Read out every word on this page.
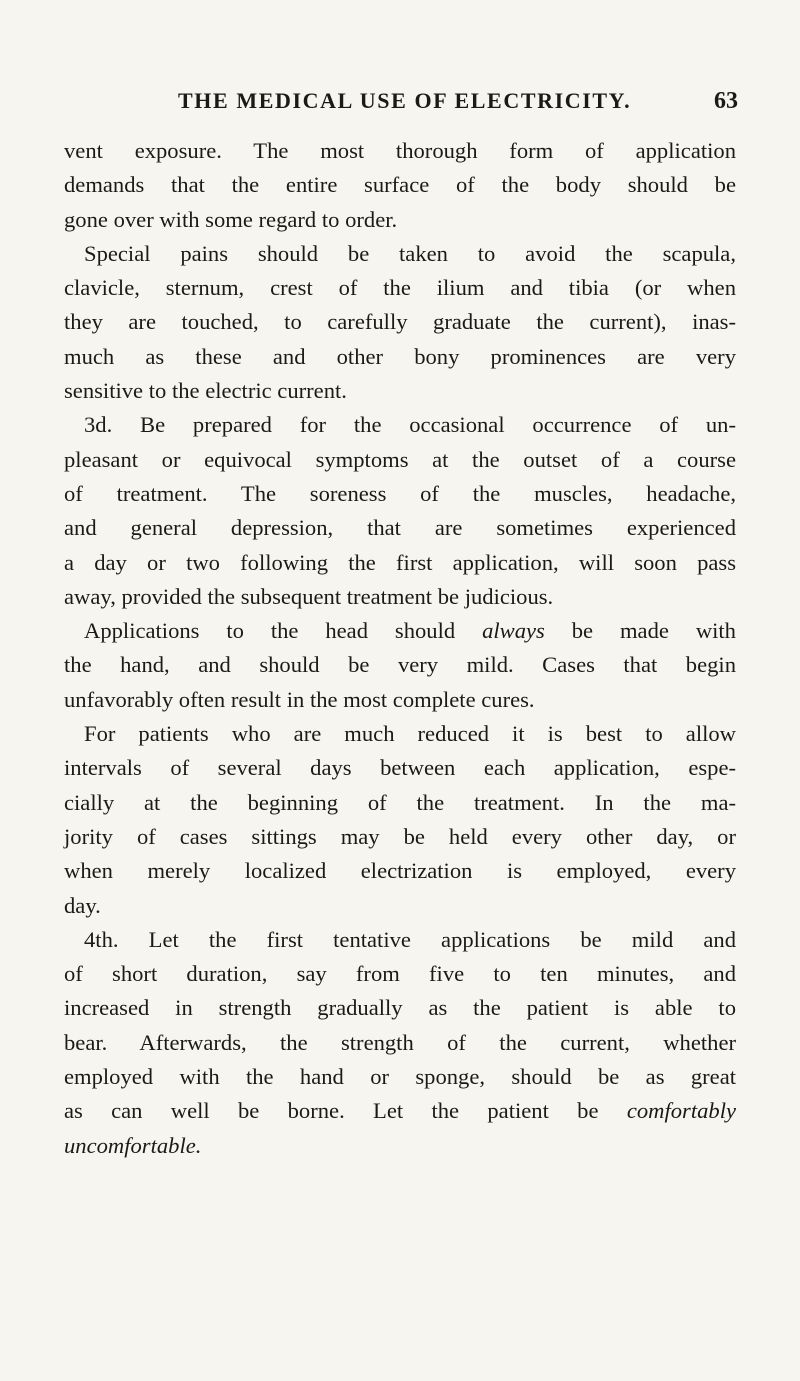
THE MEDICAL USE OF ELECTRICITY.	63
vent exposure. The most thorough form of application
demands that the entire surface of the body should be
gone over with some regard to order.
Special pains should be taken to avoid the scapula,
clavicle, sternum, crest of the ilium and tibia (or when
they are touched, to carefully graduate the current), inas-
much as these and other bony prominences are very
sensitive to the electric current.
3d. Be prepared for the occasional occurrence of un-
pleasant or equivocal symptoms at the outset of a course
of treatment. The soreness of the muscles, headache,
and general depression, that are sometimes experienced
a day or two following the first application, will soon pass
away, provided the subsequent treatment be judicious.
Applications to the head should always be made with
the hand, and should be very mild. Cases that begin
unfavorably often result in the most complete cures.
For patients who are much reduced it is best to allow
intervals of several days between each application, espe-
cially at the beginning of the treatment. In the ma-
jority of cases sittings may be held every other day, or
when merely localized electrization is employed, every
day.
4th. Let the first tentative applications be mild and
of short duration, say from five to ten minutes, and
increased in strength gradually as the patient is able to
bear. Afterwards, the strength of the current, whether
employed with the hand or sponge, should be as great
as can well be borne. Let the patient be comfortably
uncomfortable.
